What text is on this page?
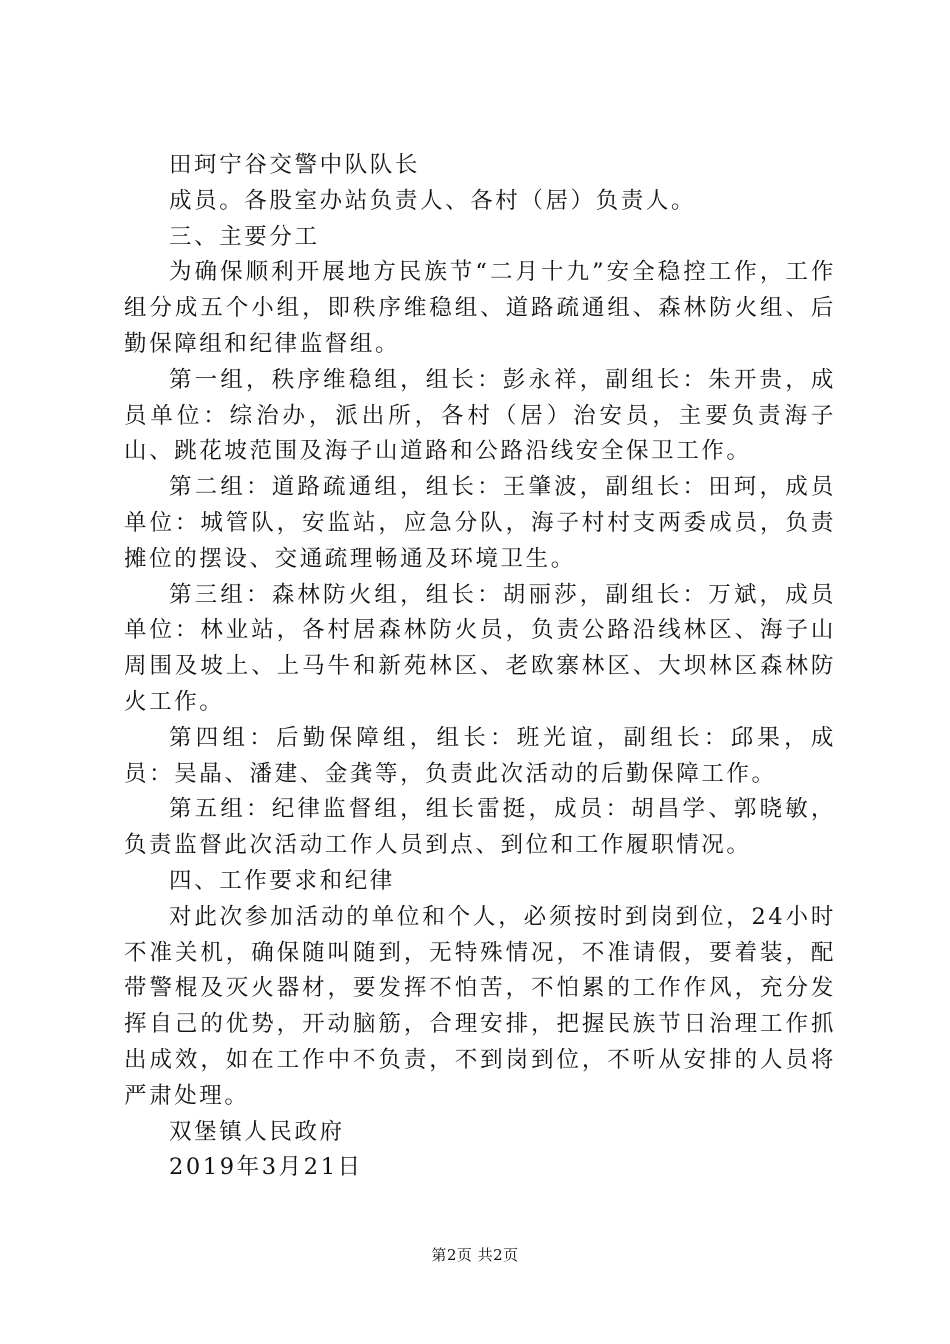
田珂宁谷交警中队队长

成员。各股室办站负责人、各村（居）负责人。

三、主要分工

为确保顺利开展地方民族节“二月十九”安全稳控工作，工作组分成五个小组，即秩序维稳组、道路疏通组、森林防火组、后勤保障组和纪律监督组。

第一组，秩序维稳组，组长：彭永祥，副组长：朱开贵，成员单位：综治办，派出所，各村（居）治安员，主要负责海子山、跳花坡范围及海子山道路和公路沿线安全保卫工作。

第二组：道路疏通组，组长：王肇波，副组长：田珂，成员单位：城管队，安监站，应急分队，海子村村支两委成员，负责摊位的摆设、交通疏理畅通及环境卫生。

第三组：森林防火组，组长：胡丽莎，副组长：万斌，成员单位：林业站，各村居森林防火员，负责公路沿线林区、海子山周围及坡上、上马牛和新苑林区、老欧寨林区、大坝林区森林防火工作。

第四组：后勤保障组，组长：班光谊，副组长：邱果，成员：吴晶、潘建、金龚等，负责此次活动的后勤保障工作。

第五组：纪律监督组，组长雷挺，成员：胡昌学、郭晓敏，负责监督此次活动工作人员到点、到位和工作履职情况。

四、工作要求和纪律

对此次参加活动的单位和个人，必须按时到岗到位，24小时不准关机，确保随叫随到，无特殊情况，不准请假，要着装，配带警棍及灭火器材，要发挥不怕苦，不怕累的工作作风，充分发挥自己的优势，开动脑筋，合理安排，把握民族节日治理工作抓出成效，如在工作中不负责，不到岗到位，不听从安排的人员将严肃处理。

双堡镇人民政府

2019年3月21日

第2页 共2页
